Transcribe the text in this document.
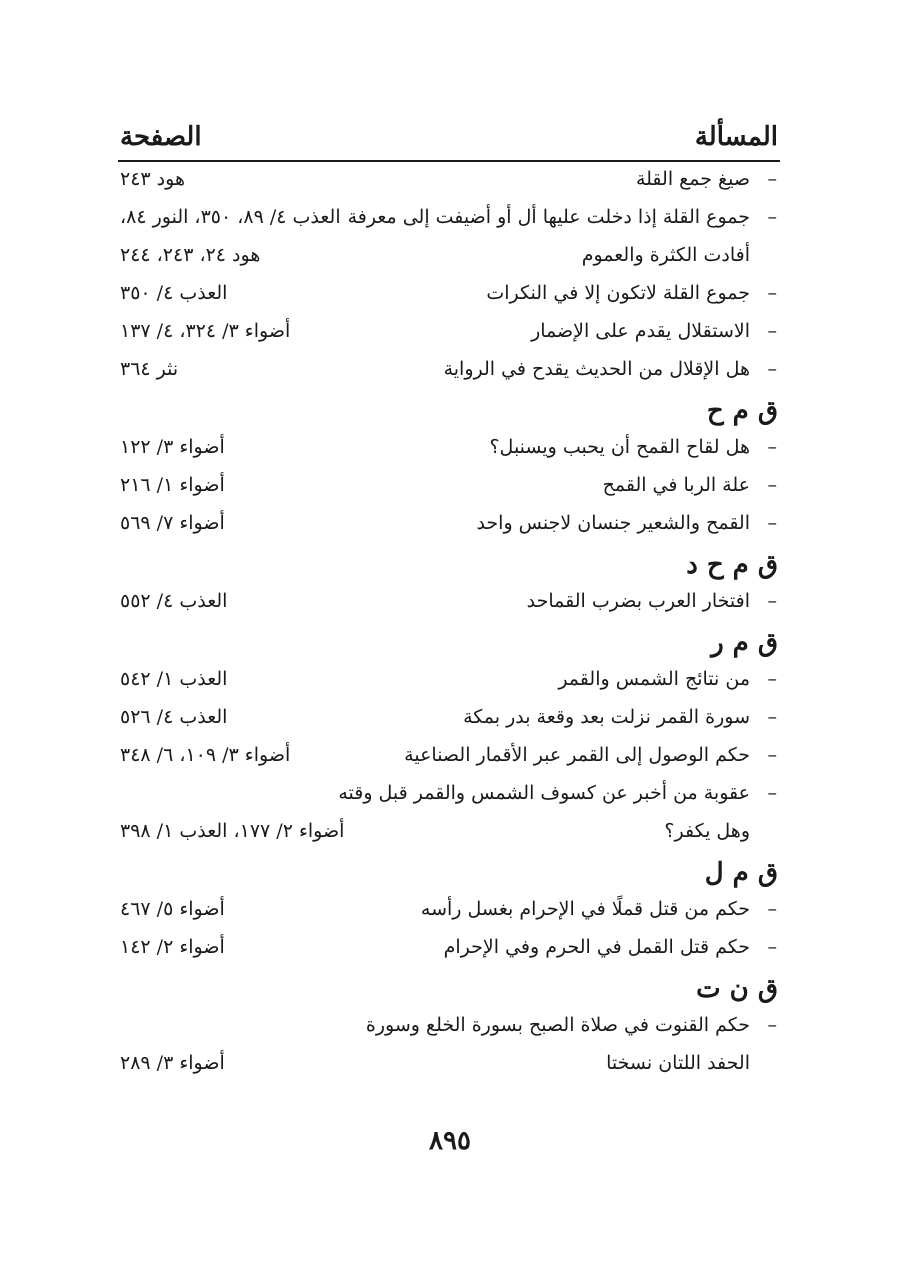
المسألة
الصفحة
–
صيغ جمع القلة
هود ٢٤٣
–
جموع القلة إذا دخلت عليها أل أو أضيفت إلى معرفة
العذب ٤/ ٨٩، ٣٥٠، النور ٨٤،
أفادت الكثرة والعموم
هود ٢٤، ٢٤٣، ٢٤٤
–
جموع القلة لاتكون إلا في النكرات
العذب ٤/ ٣٥٠
–
الاستقلال يقدم على الإضمار
أضواء ٣/ ٣٢٤، ٤/ ١٣٧
–
هل الإقلال من الحديث يقدح في الرواية
نثر ٣٦٤
ق م ح
–
هل لقاح القمح أن يحبب ويسنبل؟
أضواء ٣/ ١٢٢
–
علة الربا في القمح
أضواء ١/ ٢١٦
–
القمح والشعير جنسان لاجنس واحد
أضواء ٧/ ٥٦٩
ق م ح د
–
افتخار العرب بضرب القماحد
العذب ٤/ ٥٥٢
ق م ر
–
من نتائج الشمس والقمر
العذب ١/ ٥٤٢
–
سورة القمر نزلت بعد وقعة بدر بمكة
العذب ٤/ ٥٢٦
–
حكم الوصول إلى القمر عبر الأقمار الصناعية
أضواء ٣/ ١٠٩، ٦/ ٣٤٨
–
عقوبة من أخبر عن كسوف الشمس والقمر قبل وقته
وهل يكفر؟
أضواء ٢/ ١٧٧، العذب ١/ ٣٩٨
ق م ل
–
حكم من قتل قملًا في الإحرام بغسل رأسه
أضواء ٥/ ٤٦٧
–
حكم قتل القمل في الحرم وفي الإحرام
أضواء ٢/ ١٤٢
ق ن ت
–
حكم القنوت في صلاة الصبح بسورة الخلع وسورة
الحفد اللتان نسختا
أضواء ٣/ ٢٨٩
٨٩٥
